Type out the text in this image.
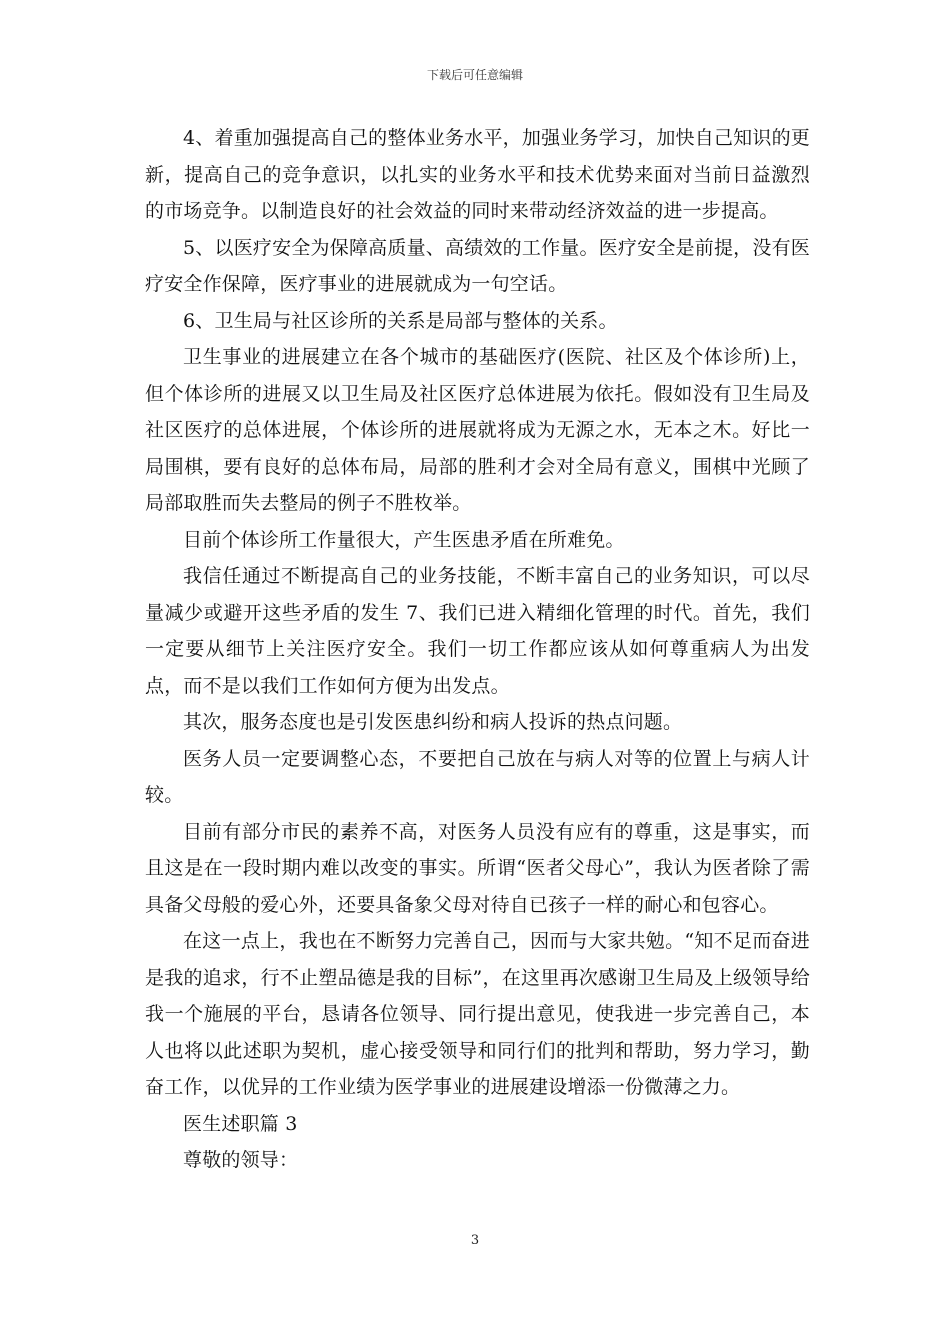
下载后可任意编辑

4、着重加强提高自己的整体业务水平，加强业务学习，加快自己知识的更新，提高自己的竞争意识，以扎实的业务水平和技术优势来面对当前日益激烈的市场竞争。以制造良好的社会效益的同时来带动经济效益的进一步提高。

5、以医疗安全为保障高质量、高绩效的工作量。医疗安全是前提，没有医疗安全作保障，医疗事业的进展就成为一句空话。

6、卫生局与社区诊所的关系是局部与整体的关系。

卫生事业的进展建立在各个城市的基础医疗(医院、社区及个体诊所)上，但个体诊所的进展又以卫生局及社区医疗总体进展为依托。假如没有卫生局及社区医疗的总体进展，个体诊所的进展就将成为无源之水，无本之木。好比一局围棋，要有良好的总体布局，局部的胜利才会对全局有意义，围棋中光顾了局部取胜而失去整局的例子不胜枚举。

目前个体诊所工作量很大，产生医患矛盾在所难免。

我信任通过不断提高自己的业务技能，不断丰富自己的业务知识，可以尽量减少或避开这些矛盾的发生 7、我们已进入精细化管理的时代。首先，我们一定要从细节上关注医疗安全。我们一切工作都应该从如何尊重病人为出发点，而不是以我们工作如何方便为出发点。

其次，服务态度也是引发医患纠纷和病人投诉的热点问题。

医务人员一定要调整心态，不要把自己放在与病人对等的位置上与病人计较。

目前有部分市民的素养不高，对医务人员没有应有的尊重，这是事实，而且这是在一段时期内难以改变的事实。所谓“医者父母心”，我认为医者除了需具备父母般的爱心外，还要具备象父母对待自已孩子一样的耐心和包容心。

在这一点上，我也在不断努力完善自己，因而与大家共勉。“知不足而奋进是我的追求，行不止塑品德是我的目标”，在这里再次感谢卫生局及上级领导给我一个施展的平台，恳请各位领导、同行提出意见，使我进一步完善自己，本人也将以此述职为契机，虚心接受领导和同行们的批判和帮助，努力学习，勤奋工作，以优异的工作业绩为医学事业的进展建设增添一份微薄之力。

医生述职篇 3

尊敬的领导：

3
